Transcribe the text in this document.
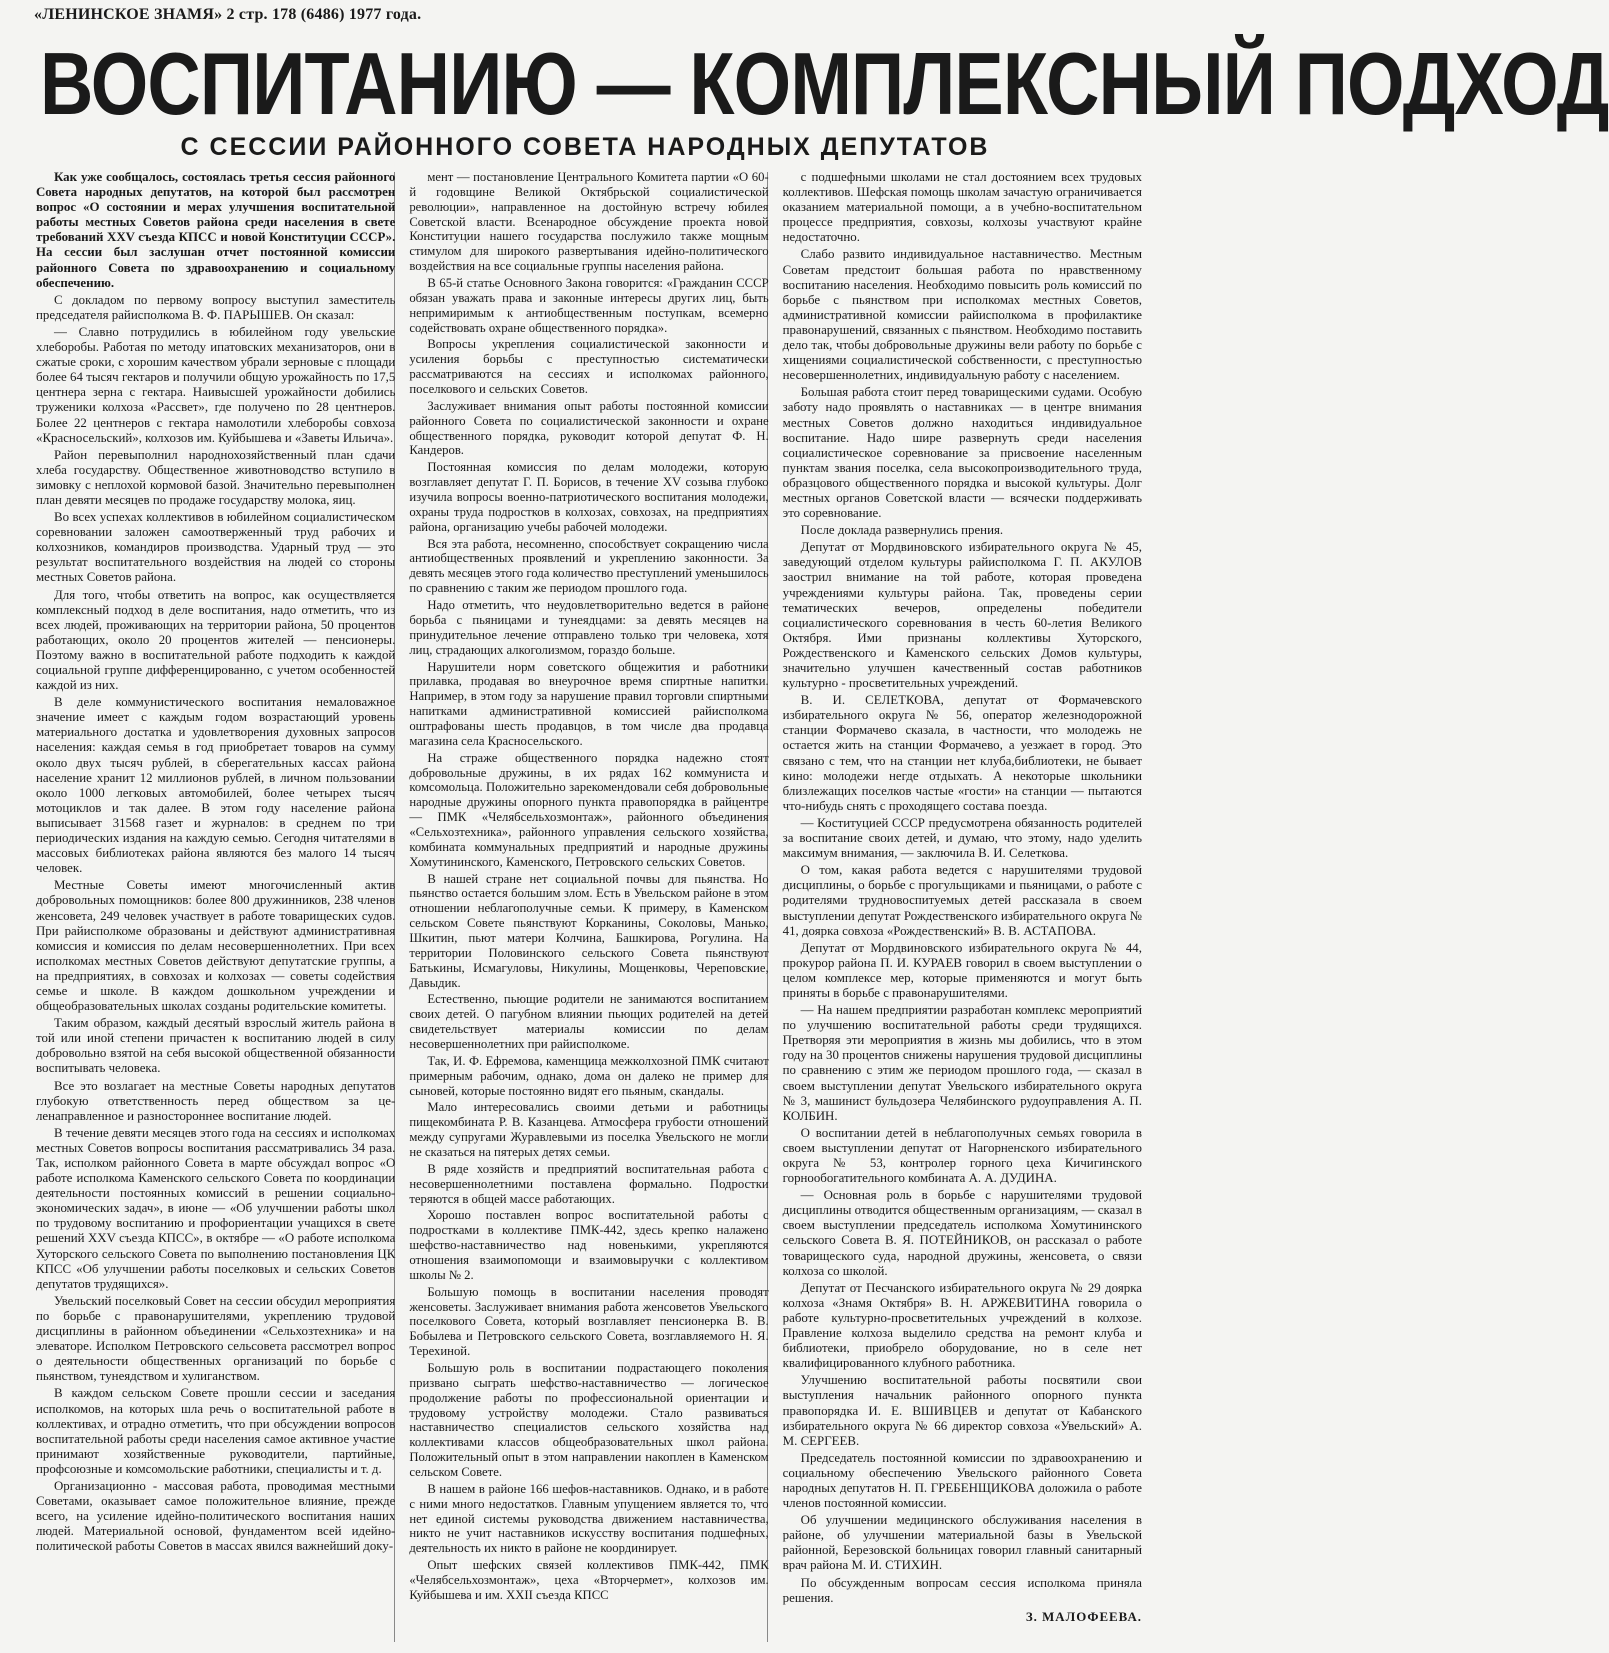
«ЛЕНИНСКОЕ ЗНАМЯ» 2 стр. 178 (6486) 1977 года.
ВОСПИТАНИЮ — КОМПЛЕКСНЫЙ ПОДХОД
С СЕССИИ РАЙОННОГО СОВЕТА НАРОДНЫХ ДЕПУТАТОВ

Как уже сообщалось, состоялась третья сессия районного Совета народных депутатов, на которой был рассмотрен вопрос «О состоянии и мерах улучшения воспитательной работы местных Советов района среди населения в свете требований XXV съезда КПСС и новой Конституции СССР». На сессии был заслушан отчет постоянной комиссии районного Совета по здравоохранению и социальному обеспечению.

С докладом по первому вопросу выступил заместитель председателя райисполкома В. Ф. ПАРЫШЕВ. Он сказал:

— Славно потрудились в юбилейном году увельские хлеборобы. Работая по методу ипатовских механизаторов, они в сжатые сроки, с хорошим качеством убрали зерновые с площади более 64 тысяч гектаров и получили общую урожайность по 17,5 центнера зерна с гектара. Наивысшей урожайности добились труженики колхоза «Рассвет», где получено по 28 центнеров. Более 22 центнеров с гектара намолотили хлеборобы совхоза «Красносельский», колхозов им. Куйбышева и «Заветы Ильича».

Район перевыполнил народнохозяйственный план сдачи хлеба государству. Общественное животноводство вступило в зимовку с неплохой кормовой базой. Значительно перевыполнен план девяти месяцев по продаже государству молока, яиц.

Во всех успехах коллективов в юбилейном социалистическом соревновании заложен самоотверженный труд рабочих и колхозников, командиров производства. Ударный труд — это результат воспитательного воздействия на людей со стороны местных Советов района.

Для того, чтобы ответить на вопрос, как осуществляется комплексный подход в деле воспитания, надо отметить, что из всех людей, проживающих на территории района, 50 процентов работающих, около 20 процентов жителей — пенсионеры. Поэтому важно в воспитательной работе подходить к каждой социальной группе дифференцированно, с учетом особенностей каждой из них.

В деле коммунистического воспитания немаловажное значение имеет с каждым годом возрастающий уровень материального достатка и удовлетворения духовных запросов населения: каждая семья в год приобретает товаров на сумму около двух тысяч рублей, в сберегательных кассах района население хранит 12 миллионов рублей, в личном пользовании около 1000 легковых автомобилей, более четырех тысяч мотоциклов и так далее. В этом году население района выписывает 31568 газет и журналов: в среднем по три периодических издания на каждую семью. Сегодня читателями в массовых библиотеках района являются без малого 14 тысяч человек.

Местные Советы имеют многочисленный актив добровольных помощников: более 800 дружинников, 238 членов женсовета, 249 человек участвует в работе товарищеских судов. При райисполкоме образованы и действуют административная комиссия и комиссия по делам несовершеннолетних. При всех исполкомах местных Советов действуют депутатские группы, а на предприятиях, в совхозах и колхозах — советы содействия семье и школе. В каждом дошкольном учреждении и общеобразовательных школах созданы родительские комитеты.

Таким образом, каждый десятый взрослый житель района в той или иной степени причастен к воспитанию людей в силу добровольно взятой на себя высокой общественной обязанности воспитывать человека.

Все это возлагает на местные Советы народных депутатов глубокую ответственность перед обществом за целенаправленное и разностороннее воспитание людей.

В течение девяти месяцев этого года на сессиях и исполкомах местных Советов вопросы воспитания рассматривались 34 раза. Так, исполком районного Совета в марте обсуждал вопрос «О работе исполкома Каменского сельского Совета по координации деятельности постоянных комиссий в решении социально-экономических задач», в июне — «Об улучшении работы школ по трудовому воспитанию и профориентации учащихся в свете решений XXV съезда КПСС», в октябре — «О работе исполкома Хуторского сельского Совета по выполнению постановления ЦК КПСС «Об улучшении работы поселковых и сельских Советов депутатов трудящихся».

Увельский поселковый Совет на сессии обсудил мероприятия по борьбе с правонарушителями, укреплению трудовой дисциплины в районном объединении «Сельхозтехника» и на элеваторе. Исполком Петровского сельсовета рассмотрел вопрос о деятельности общественных организаций по борьбе с пьянством, тунеядством и хулиганством.

В каждом сельском Совете прошли сессии и заседания исполкомов, на которых шла речь о воспитательной работе в коллективах, и отрадно отметить, что при обсуждении вопросов воспитательной работы среди населения самое активное участие принимают хозяйственные руководители, партийные, профсоюзные и комсомольские работники, специалисты и т. д.

Организационно - массовая работа, проводимая местными Советами, оказывает самое положительное влияние, прежде всего, на усиление идейно-политического воспитания наших людей. Материальной основой, фундаментом всей идейно-политической работы Советов в массах явился важнейший доку-

мент — постановление Центрального Комитета партии «О 60-й годовщине Великой Октябрьской социалистической революции», направленное на достойную встречу юбилея Советской власти. Всенародное обсуждение проекта новой Конституции нашего государства послужило также мощным стимулом для широкого развертывания идейно-политического воздействия на все социальные группы населения района.

В 65-й статье Основного Закона говорится: «Гражданин СССР обязан уважать права и законные интересы других лиц, быть непримиримым к антиобщественным поступкам, всемерно содействовать охране общественного порядка».

Вопросы укрепления социалистической законности и усиления борьбы с преступностью систематически рассматриваются на сессиях и исполкомах районного, поселкового и сельских Советов.

Заслуживает внимания опыт работы постоянной комиссии районного Совета по социалистической законности и охране общественного порядка, руководит которой депутат Ф. Н. Кандеров.

Постоянная комиссия по делам молодежи, которую возглавляет депутат Г. П. Борисов, в течение XV созыва глубоко изучила вопросы военно-патриотического воспитания молодежи, охраны труда подростков в колхозах, совхозах, на предприятиях района, организацию учебы рабочей молодежи.

Вся эта работа, несомненно, способствует сокращению числа антиобщественных проявлений и укреплению законности. За девять месяцев этого года количество преступлений уменьшилось по сравнению с таким же периодом прошлого года.

Надо отметить, что неудовлетворительно ведется в районе борьба с пьяницами и тунеядцами: за девять месяцев на принудительное лечение отправлено только три человека, хотя лиц, страдающих алкоголизмом, гораздо больше.

Нарушители норм советского общежития и работники прилавка, продавая во внеурочное время спиртные напитки. Например, в этом году за нарушение правил торговли спиртными напитками административной комиссией райисполкома оштрафованы шесть продавцов, в том числе два продавца магазина села Красносельского.

На страже общественного порядка надежно стоят добровольные дружины, в их рядах 162 коммуниста и комсомольца. Положительно зарекомендовали себя добровольные народные дружины опорного пункта правопорядка в райцентре — ПМК «Челябсельхозмонтаж», районного объединения «Сельхозтехника», районного управления сельского хозяйства, комбината коммунальных предприятий и народные дружины Хомутининского, Каменского, Петровского сельских Советов.

В нашей стране нет социальной почвы для пьянства. Но пьянство остается большим злом. Есть в Увельском районе в этом отношении неблагополучные семьи. К примеру, в Каменском сельском Совете пьянствуют Корканины, Соколовы, Манько, Шкитин, пьют матери Колчина, Башкирова, Рогулина. На территории Половинского сельского Совета пьянствуют Батькины, Исмагуловы, Никулины, Мощенковы, Череповские, Давыдик.

Естественно, пьющие родители не занимаются воспитанием своих детей. О пагубном влиянии пьющих родителей на детей свидетельствует материалы комиссии по делам несовершеннолетних при райисполкоме.

Так, И. Ф. Ефремова, каменщица межколхозной ПМК считают примерным рабочим, однако, дома он далеко не пример для сыновей, которые постоянно видят его пьяным, скандалы.

Мало интересовались своими детьми и работницы пищекомбината Р. В. Казанцева. Атмосфера грубости отношений между супругами Журавлевыми из поселка Увельского не могли не сказаться на пятерых детях семьи.

В ряде хозяйств и предприятий воспитательная работа с несовершеннолетними поставлена формально. Подростки теряются в общей массе работающих.

Хорошо поставлен вопрос воспитательной работы с подростками в коллективе ПМК-442, здесь крепко налажено шефство-наставничество над новенькими, укрепляются отношения взаимопомощи и взаимовыручки с коллективом школы № 2.

Большую помощь в воспитании населения проводят женсоветы. Заслуживает внимания работа женсоветов Увельского поселкового Совета, который возглавляет пенсионерка В. В. Бобылева и Петровского сельского Совета, возглавляемого Н. Я. Терехиной.

Большую роль в воспитании подрастающего поколения призвано сыграть шефство-наставничество — логическое продолжение работы по профессиональной ориентации и трудовому устройству молодежи. Стало развиваться наставничество специалистов сельского хозяйства над коллективами классов общеобразовательных школ района. Положительный опыт в этом направлении накоплен в Каменском сельском Совете.

В нашем в районе 166 шефов-наставников. Однако, и в работе с ними много недостатков. Главным упущением является то, что нет единой системы руководства движением наставничества, никто не учит наставников искусству воспитания подшефных, деятельность их никто в районе не координирует.

Опыт шефских связей коллективов ПМК-442, ПМК «Челябсельхозмонтаж», цеха «Вторчермет», колхозов им. Куйбышева и им. XXII съезда КПСС

с подшефными школами не стал достоянием всех трудовых коллективов. Шефская помощь школам зачастую ограничивается оказанием материальной помощи, а в учебно-воспитательном процессе предприятия, совхозы, колхозы участвуют крайне недостаточно.

Слабо развито индивидуальное наставничество. Местным Советам предстоит большая работа по нравственному воспитанию населения. Необходимо повысить роль комиссий по борьбе с пьянством при исполкомах местных Советов, административной комиссии райисполкома в профилактике правонарушений, связанных с пьянством. Необходимо поставить дело так, чтобы добровольные дружины вели работу по борьбе с хищениями социалистической собственности, с преступностью несовершеннолетних, индивидуальную работу с населением.

Большая работа стоит перед товарищескими судами. Особую заботу надо проявлять о наставниках — в центре внимания местных Советов должно находиться индивидуальное воспитание. Надо шире развернуть среди населения социалистическое соревнование за присвоение населенным пунктам звания поселка, села высокопроизводительного труда, образцового общественного порядка и высокой культуры. Долг местных органов Советской власти — всячески поддерживать это соревнование.

После доклада развернулись прения.

Депутат от Мордвиновского избирательного округа № 45, заведующий отделом культуры райисполкома Г. П. АКУЛОВ заострил внимание на той работе, которая проведена учреждениями культуры района. Так, проведены серии тематических вечеров, определены победители социалистического соревнования в честь 60-летия Великого Октября. Ими признаны коллективы Хуторского, Рождественского и Каменского сельских Домов культуры, значительно улучшен качественный состав работников культурно - просветительных учреждений.

В. И. СЕЛЕТКОВА, депутат от Формачевского избирательного округа № 56, оператор железнодорожной станции Формачево сказала, в частности, что молодежь не остается жить на станции Формачево, а уезжает в город. Это связано с тем, что на станции нет клуба,библиотеки, не бывает кино: молодежи негде отдыхать. А некоторые школьники близлежащих поселков частые «гости» на станции — пытаются что-нибудь снять с проходящего состава поезда.

— Коституцией СССР предусмотрена обязанность родителей за воспитание своих детей, и думаю, что этому, надо уделить максимум внимания, — заключила В. И. Селеткова.

О том, какая работа ведется с нарушителями трудовой дисциплины, о борьбе с прогульщиками и пьяницами, о работе с родителями трудновоспитуемых детей рассказала в своем выступлении депутат Рождественского избирательного округа № 41, доярка совхоза «Рождественский» В. В. АСТАПОВА.

Депутат от Мордвиновского избирательного округа № 44, прокурор района П. И. КУРАЕВ говорил в своем выступлении о целом комплексе мер, которые применяются и могут быть приняты в борьбе с правонарушителями.

— На нашем предприятии разработан комплекс мероприятий по улучшению воспитательной работы среди трудящихся. Претворяя эти мероприятия в жизнь мы добились, что в этом году на 30 процентов снижены нарушения трудовой дисциплины по сравнению с этим же периодом прошлого года, — сказал в своем выступлении депутат Увельского избирательного округа № 3, машинист бульдозера Челябинского рудоуправления А. П. КОЛБИН.

О воспитании детей в неблагополучных семьях говорила в своем выступлении депутат от Нагорненского избирательного округа № 53, контролер горного цеха Кичигинского горнообогатительного комбината А. А. ДУДИНА.

— Основная роль в борьбе с нарушителями трудовой дисциплины отводится общественным организациям, — сказал в своем выступлении председатель исполкома Хомутининского сельского Совета В. Я. ПОТЕЙНИКОВ, он рассказал о работе товарищеского суда, народной дружины, женсовета, о связи колхоза со школой.

Депутат от Песчанского избирательного округа № 29 доярка колхоза «Знамя Октября» В. Н. АРЖЕВИТИНА говорила о работе культурно-просветительных учреждений в колхозе. Правление колхоза выделило средства на ремонт клуба и библиотеки, приобрело оборудование, но в селе нет квалифицированного клубного работника.

Улучшению воспитательной работы посвятили свои выступления начальник районного опорного пункта правопорядка И. Е. ВШИВЦЕВ и депутат от Кабанского избирательного округа № 66 директор совхоза «Увельский» А. М. СЕРГЕЕВ.

Председатель постоянной комиссии по здравоохранению и социальному обеспечению Увельского районного Совета народных депутатов Н. П. ГРЕБЕНЩИКОВА доложила о работе членов постоянной комиссии.

Об улучшении медицинского обслуживания населения в районе, об улучшении материальной базы в Увельской районной, Березовской больницах говорил главный санитарный врач района М. И. СТИХИН.

По обсужденным вопросам сессия исполкома приняла решения.

З. МАЛОФЕЕВА.
